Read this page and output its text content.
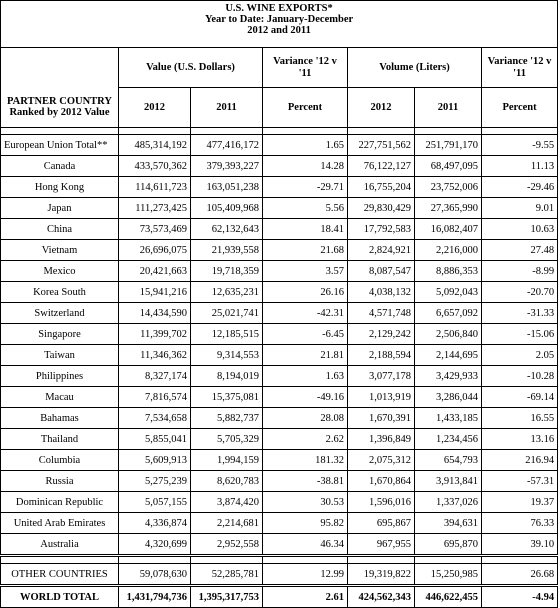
U.S. WINE EXPORTS*
Year to Date: January-December
2012 and 2011						

	Value (U.S. Dollars)		Variance '12 v '11	Volume (Liters)		Variance '12 v '11
PARTNER COUNTRY Ranked by 2012 Value	2012	2011	Percent	2012	2011	Percent

European Union Total**	485,314,192	477,416,172	1.65	227,751,562	251,791,170	-9.55
Canada	433,570,362	379,393,227	14.28	76,122,127	68,497,095	11.13
Hong Kong	114,611,723	163,051,238	-29.71	16,755,204	23,752,006	-29.46
Japan	111,273,425	105,409,968	5.56	29,830,429	27,365,990	9.01
China	73,573,469	62,132,643	18.41	17,792,583	16,082,407	10.63
Vietnam	26,696,075	21,939,558	21.68	2,824,921	2,216,000	27.48
Mexico	20,421,663	19,718,359	3.57	8,087,547	8,886,353	-8.99
Korea South	15,941,216	12,635,231	26.16	4,038,132	5,092,043	-20.70
Switzerland	14,434,590	25,021,741	-42.31	4,571,748	6,657,092	-31.33
Singapore	11,399,702	12,185,515	-6.45	2,129,242	2,506,840	-15.06
Taiwan	11,346,362	9,314,553	21.81	2,188,594	2,144,695	2.05
Philippines	8,327,174	8,194,019	1.63	3,077,178	3,429,933	-10.28
Macau	7,816,574	15,375,081	-49.16	1,013,919	3,286,044	-69.14
Bahamas	7,534,658	5,882,737	28.08	1,670,391	1,433,185	16.55
Thailand	5,855,041	5,705,329	2.62	1,396,849	1,234,456	13.16
Columbia	5,609,913	1,994,159	181.32	2,075,312	654,793	216.94
Russia	5,275,239	8,620,783	-38.81	1,670,864	3,913,841	-57.31
Dominican Republic	5,057,155	3,874,420	30.53	1,596,016	1,337,026	19.37
United Arab Emirates	4,336,874	2,214,681	95.82	695,867	394,631	76.33
Australia	4,320,699	2,952,558	46.34	967,955	695,870	39.10

OTHER COUNTRIES	59,078,630	52,285,781	12.99	19,319,822	15,250,985	26.68
WORLD TOTAL	1,431,794,736	1,395,317,753	2.61	424,562,343	446,622,455	-4.94
